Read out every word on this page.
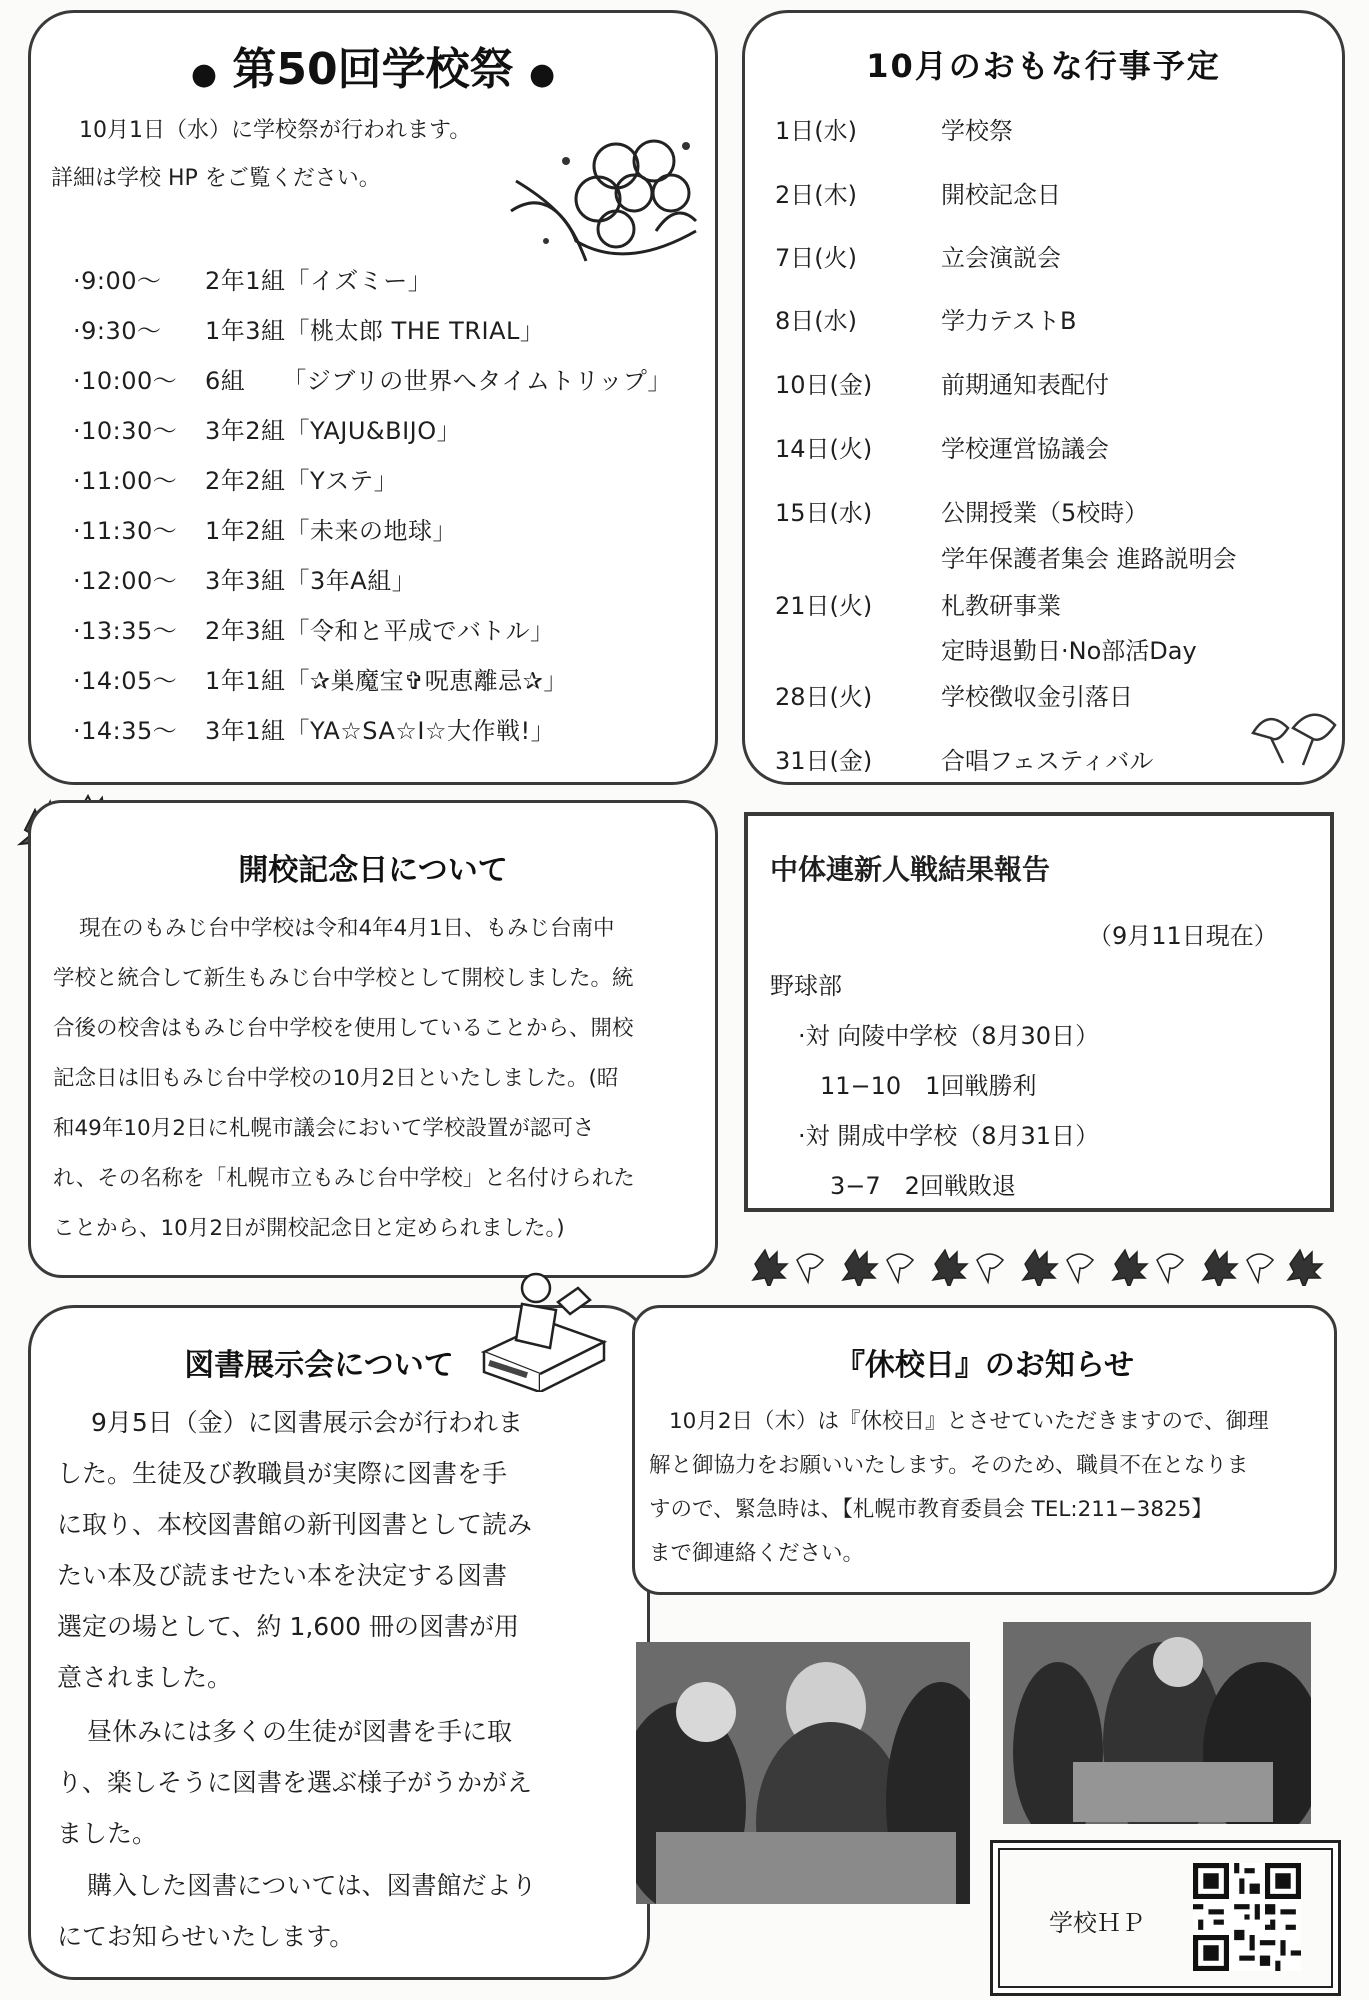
● 第50回学校祭 ●
10月1日（水）に学校祭が行われます。
詳細は学校 HP をご覧ください。
·9:00～ 2年1組「イズミー」
·9:30～ 1年3組「桃太郎 THE TRIAL」
·10:00～ 6組　　「ジブリの世界へタイムトリップ」
·10:30～ 3年2組「YAJU&BIJO」
·11:00～ 2年2組「Yステ」
·11:30～ 1年2組「未来の地球」
·12:00～ 3年3組「3年A組」
·13:35～ 2年3組「令和と平成でバトル」
·14:05～ 1年1組「✰巣魔宝✞呪恵離忌✰」
·14:35～ 3年1組「YA☆SA☆I☆大作戦!」
10月のおもな行事予定
1日(水)	学校祭
2日(木)	開校記念日
7日(火)	立会演説会
8日(水)	学力テストB
10日(金)	前期通知表配付
14日(火)	学校運営協議会
15日(水)	公開授業（5校時）
学年保護者集会 進路説明会
21日(火)	札教研事業
定時退勤日·No部活Day
28日(火)	学校徴収金引落日
31日(金)	合唱フェスティバル
開校記念日について
現在のもみじ台中学校は令和4年4月1日、もみじ台南中
学校と統合して新生もみじ台中学校として開校しました。統
合後の校舎はもみじ台中学校を使用していることから、開校
記念日は旧もみじ台中学校の10月2日といたしました。(昭
和49年10月2日に札幌市議会において学校設置が認可さ
れ、その名称を「札幌市立もみじ台中学校」と名付けられた
ことから、10月2日が開校記念日と定められました。)
中体連新人戦結果報告
（9月11日現在）
野球部
·対 向陵中学校（8月30日）
11−10　1回戦勝利
·対 開成中学校（8月31日）
3−7　2回戦敗退
図書展示会について
9月5日（金）に図書展示会が行われま
した。生徒及び教職員が実際に図書を手
に取り、本校図書館の新刊図書として読み
たい本及び読ませたい本を決定する図書
選定の場として、約 1,600 冊の図書が用
意されました。
昼休みには多くの生徒が図書を手に取
り、楽しそうに図書を選ぶ様子がうかがえ
ました。
購入した図書については、図書館だより
にてお知らせいたします。
『休校日』のお知らせ
10月2日（木）は『休校日』とさせていただきますので、御理
解と御協力をお願いいたします。そのため、職員不在となりま
すので、緊急時は、【札幌市教育委員会 TEL:211−3825】
まで御連絡ください。
学校ＨＰ
